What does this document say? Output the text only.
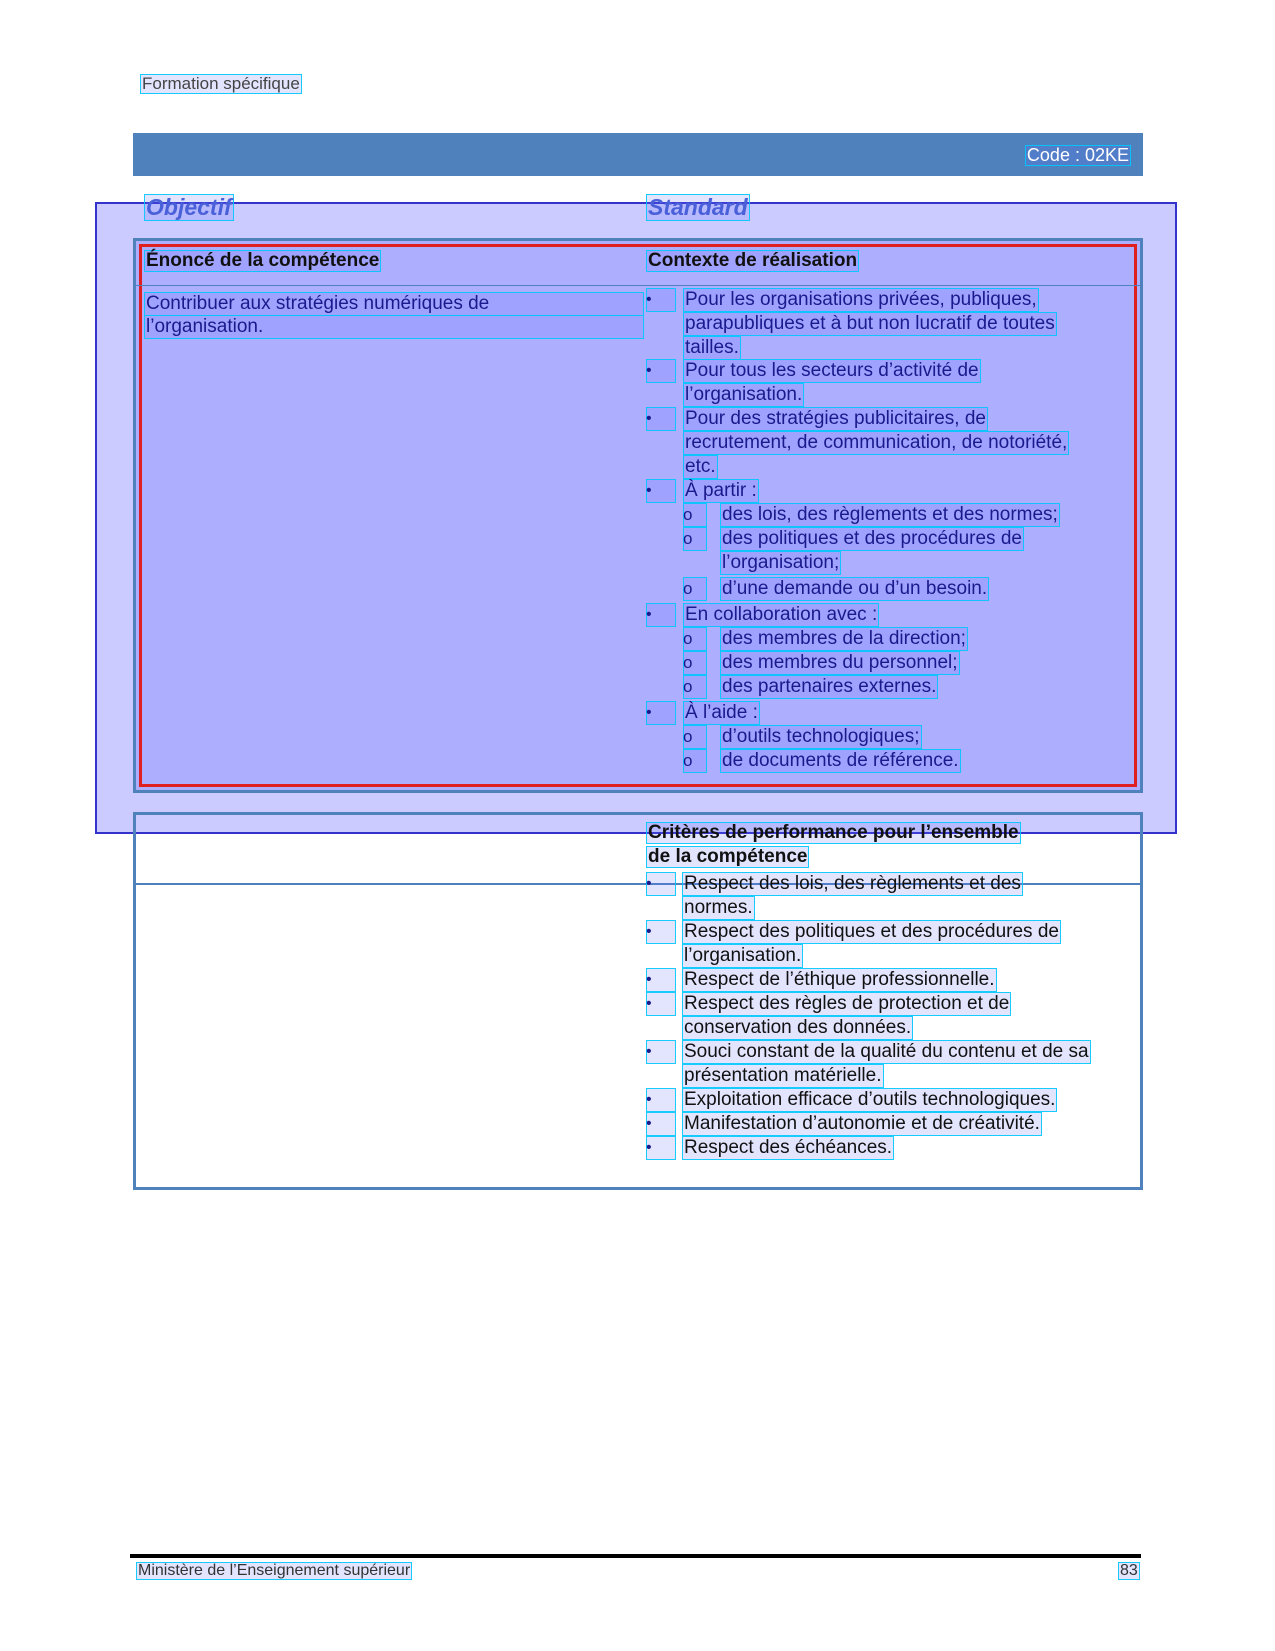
Formation spécifique
Code : 02KE
Objectif	Standard
Énoncé de la compétence	Contexte de réalisation
Contribuer aux stratégies numériques de
l’organisation.
•	Pour les organisations privées, publiques,
parapubliques et à but non lucratif de toutes
tailles.
•	Pour tous les secteurs d’activité de
l’organisation.
•	Pour des stratégies publicitaires, de
recrutement, de communication, de notoriété,
etc.
•	À partir :
o	des lois, des règlements et des normes;
o	des politiques et des procédures de
l’organisation;
o	d’une demande ou d’un besoin.
•	En collaboration avec :
o	des membres de la direction;
o	des membres du personnel;
o	des partenaires externes.
•	À l’aide :
o	d’outils technologiques;
o	de documents de référence.
Critères de performance pour l’ensemble
de la compétence
•	Respect des lois, des règlements et des
normes.
•	Respect des politiques et des procédures de
l’organisation.
•	Respect de l’éthique professionnelle.
•	Respect des règles de protection et de
conservation des données.
•	Souci constant de la qualité du contenu et de sa
présentation matérielle.
•	Exploitation efficace d’outils technologiques.
•	Manifestation d’autonomie et de créativité.
•	Respect des échéances.
Ministère de l’Enseignement supérieur	83
